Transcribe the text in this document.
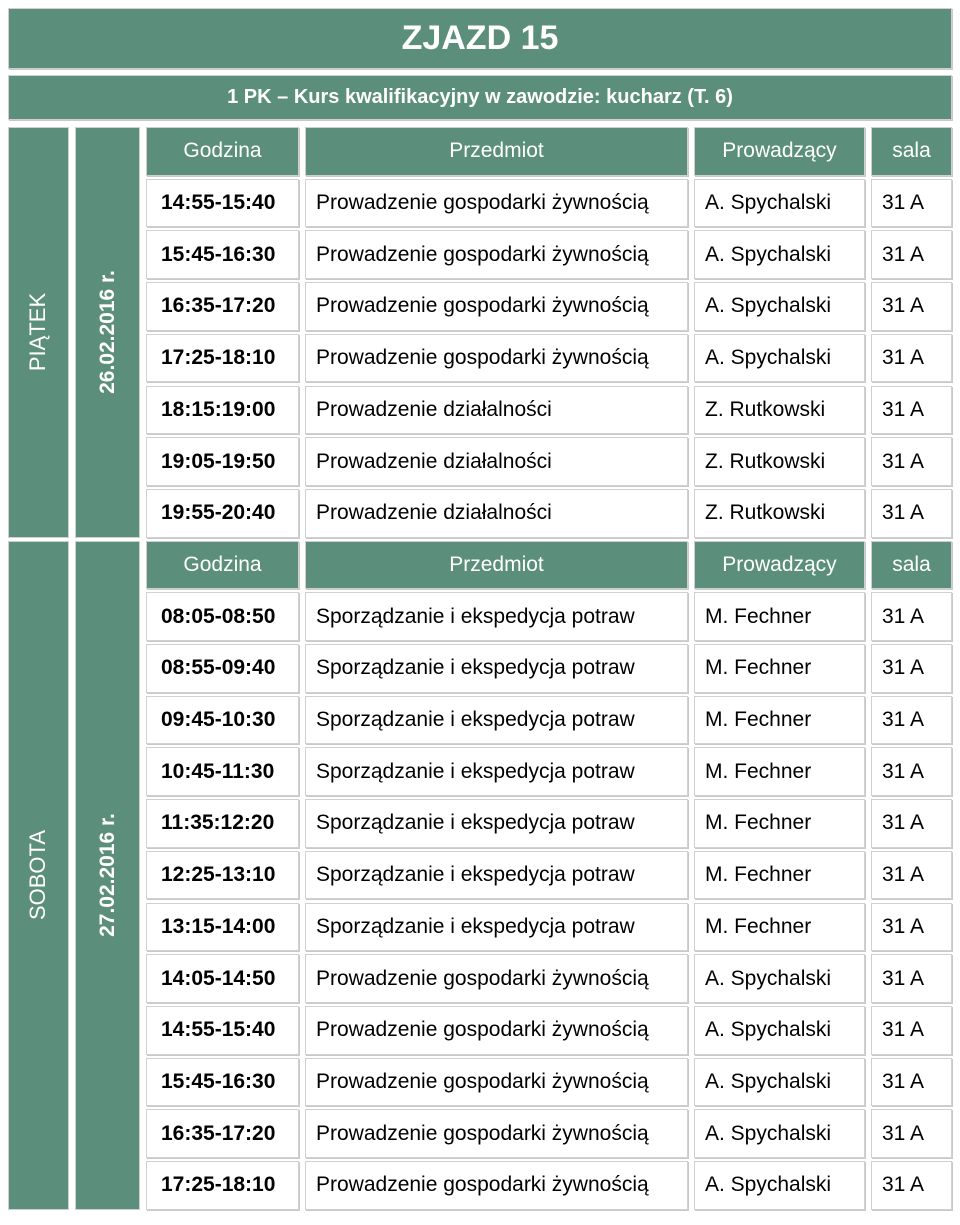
ZJAZD 15
1 PK – Kurs kwalifikacyjny w zawodzie: kucharz (T. 6)
Godzina	Przedmiot	Prowadzący	sala
14:55-15:40	Prowadzenie gospodarki żywnością	A. Spychalski	31 A
15:45-16:30	Prowadzenie gospodarki żywnością	A. Spychalski	31 A
16:35-17:20	Prowadzenie gospodarki żywnością	A. Spychalski	31 A
17:25-18:10	Prowadzenie gospodarki żywnością	A. Spychalski	31 A
18:15:19:00	Prowadzenie działalności	Z. Rutkowski	31 A
19:05-19:50	Prowadzenie działalności	Z. Rutkowski	31 A
19:55-20:40	Prowadzenie działalności	Z. Rutkowski	31 A
PIĄTEK 26.02.2016 r.
Godzina	Przedmiot	Prowadzący	sala
08:05-08:50	Sporządzanie i ekspedycja potraw	M. Fechner	31 A
08:55-09:40	Sporządzanie i ekspedycja potraw	M. Fechner	31 A
09:45-10:30	Sporządzanie i ekspedycja potraw	M. Fechner	31 A
10:45-11:30	Sporządzanie i ekspedycja potraw	M. Fechner	31 A
11:35:12:20	Sporządzanie i ekspedycja potraw	M. Fechner	31 A
12:25-13:10	Sporządzanie i ekspedycja potraw	M. Fechner	31 A
13:15-14:00	Sporządzanie i ekspedycja potraw	M. Fechner	31 A
14:05-14:50	Prowadzenie gospodarki żywnością	A. Spychalski	31 A
14:55-15:40	Prowadzenie gospodarki żywnością	A. Spychalski	31 A
15:45-16:30	Prowadzenie gospodarki żywnością	A. Spychalski	31 A
16:35-17:20	Prowadzenie gospodarki żywnością	A. Spychalski	31 A
17:25-18:10	Prowadzenie gospodarki żywnością	A. Spychalski	31 A
SOBOTA 27.02.2016 r.
